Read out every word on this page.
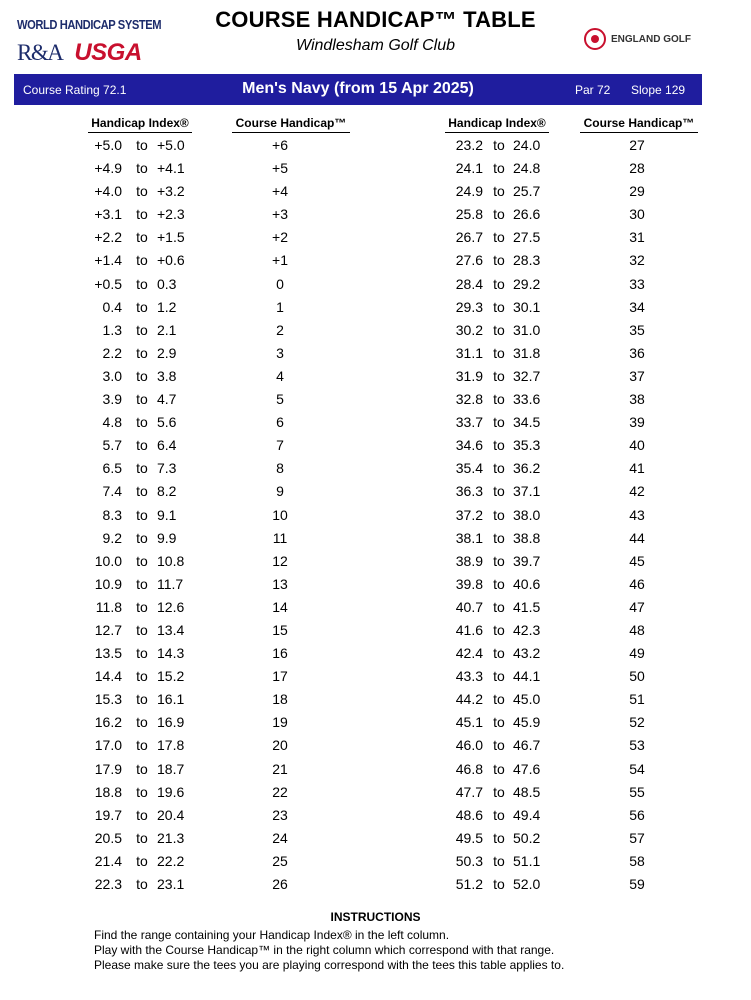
WORLD HANDICAP SYSTEM
R&A USGA
COURSE HANDICAP™ TABLE
Windlesham Golf Club	ENGLAND GOLF
Course Rating 72.1	Men's Navy (from 15 Apr 2025)	Par 72 Slope 129
Handicap Index®	Course Handicap™	Handicap Index®	Course Handicap™
+5.0 to +5.0	+6	23.2 to 24.0	27
+4.9 to +4.1	+5	24.1 to 24.8	28
+4.0 to +3.2	+4	24.9 to 25.7	29
+3.1 to +2.3	+3	25.8 to 26.6	30
+2.2 to +1.5	+2	26.7 to 27.5	31
+1.4 to +0.6	+1	27.6 to 28.3	32
+0.5 to 0.3	0	28.4 to 29.2	33
0.4 to 1.2	1	29.3 to 30.1	34
1.3 to 2.1	2	30.2 to 31.0	35
2.2 to 2.9	3	31.1 to 31.8	36
3.0 to 3.8	4	31.9 to 32.7	37
3.9 to 4.7	5	32.8 to 33.6	38
4.8 to 5.6	6	33.7 to 34.5	39
5.7 to 6.4	7	34.6 to 35.3	40
6.5 to 7.3	8	35.4 to 36.2	41
7.4 to 8.2	9	36.3 to 37.1	42
8.3 to 9.1	10	37.2 to 38.0	43
9.2 to 9.9	11	38.1 to 38.8	44
10.0 to 10.8	12	38.9 to 39.7	45
10.9 to 11.7	13	39.8 to 40.6	46
11.8 to 12.6	14	40.7 to 41.5	47
12.7 to 13.4	15	41.6 to 42.3	48
13.5 to 14.3	16	42.4 to 43.2	49
14.4 to 15.2	17	43.3 to 44.1	50
15.3 to 16.1	18	44.2 to 45.0	51
16.2 to 16.9	19	45.1 to 45.9	52
17.0 to 17.8	20	46.0 to 46.7	53
17.9 to 18.7	21	46.8 to 47.6	54
18.8 to 19.6	22	47.7 to 48.5	55
19.7 to 20.4	23	48.6 to 49.4	56
20.5 to 21.3	24	49.5 to 50.2	57
21.4 to 22.2	25	50.3 to 51.1	58
22.3 to 23.1	26	51.2 to 52.0	59
INSTRUCTIONS
Find the range containing your Handicap Index® in the left column.
Play with the Course Handicap™ in the right column which correspond with that range.
Please make sure the tees you are playing correspond with the tees this table applies to.
